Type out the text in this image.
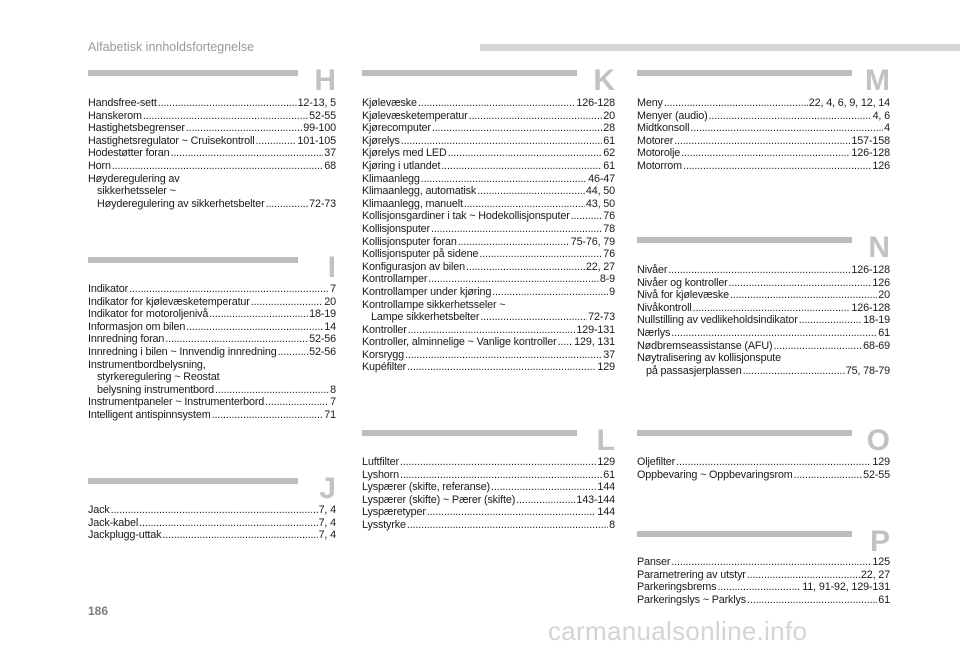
Alfabetisk innholdsfortegnelse
H
Handsfree-sett .....	12-13, 5
Hanskerom .....	52-55
Hastighetsbegrenser .....	99-100
Hastighetsregulator ~ Cruisekontroll .....	101-105
Hodestøtter foran .....	37
Horn .....	68
Høyderegulering av
sikkerhetsseler ~
Høyderegulering av sikkerhetsbelter .....	72-73
I
Indikator .....	7
Indikator for kjølevæsketemperatur .....	20
Indikator for motoroljenivå .....	18-19
Informasjon om bilen .....	14
Innredning foran .....	52-56
Innredning i bilen ~ Innvendig innredning .....	52-56
Instrumentbordbelysning,
styrkeregulering ~ Reostat
belysning instrumentbord .....	8
Instrumentpaneler ~ Instrumenterbord .....	7
Intelligent antispinnsystem .....	71
J
Jack .....	7, 4
Jack-kabel .....	7, 4
Jackplugg-uttak .....	7, 4
K
Kjølevæske .....	126-128
Kjølevæsketemperatur .....	20
Kjørecomputer .....	28
Kjørelys .....	61
Kjørelys med LED .....	62
Kjøring i utlandet .....	61
Klimaanlegg .....	46-47
Klimaanlegg, automatisk .....	44, 50
Klimaanlegg, manuelt .....	43, 50
Kollisjonsgardiner i tak ~ Hodekollisjonsputer .....	76
Kollisjonsputer .....	78
Kollisjonsputer foran .....	75-76, 79
Kollisjonsputer på sidene .....	76
Konfigurasjon av bilen .....	22, 27
Kontrollamper .....	8-9
Kontrollamper under kjøring .....	9
Kontrollampe sikkerhetsseler ~
Lampe sikkerhetsbelter .....	72-73
Kontroller .....	129-131
Kontroller, alminnelige ~ Vanlige kontroller ..... 129, 131
Korsrygg .....	37
Kupéfilter .....	129
L
Luftfilter .....	129
Lyshorn .....	61
Lyspærer (skifte, referanse) .....	144
Lyspærer (skifte) ~ Pærer (skifte) .....	143-144
Lyspæretyper .....	144
Lysstyrke .....	8
M
Meny .....	22, 4, 6, 9, 12, 14
Menyer (audio) .....	4, 6
Midtkonsoll .....	4
Motorer .....	157-158
Motorolje .....	126-128
Motorrom .....	126
N
Nivåer .....	126-128
Nivåer og kontroller .....	126
Nivå for kjølevæske .....	20
Nivåkontroll .....	126-128
Nullstilling av vedlikeholdsindikator .....	18-19
Nærlys .....	61
Nødbremseassistanse (AFU) .....	68-69
Nøytralisering av kollisjonspute
på passasjerplassen .....	75, 78-79
O
Oljefilter .....	129
Oppbevaring ~ Oppbevaringsrom .....	52-55
P
Panser .....	125
Parametrering av utstyr .....	22, 27
Parkeringsbrems .....	11, 91-92, 129-131
Parkeringslys ~ Parklys .....	61
186
carmanualsonline.info
